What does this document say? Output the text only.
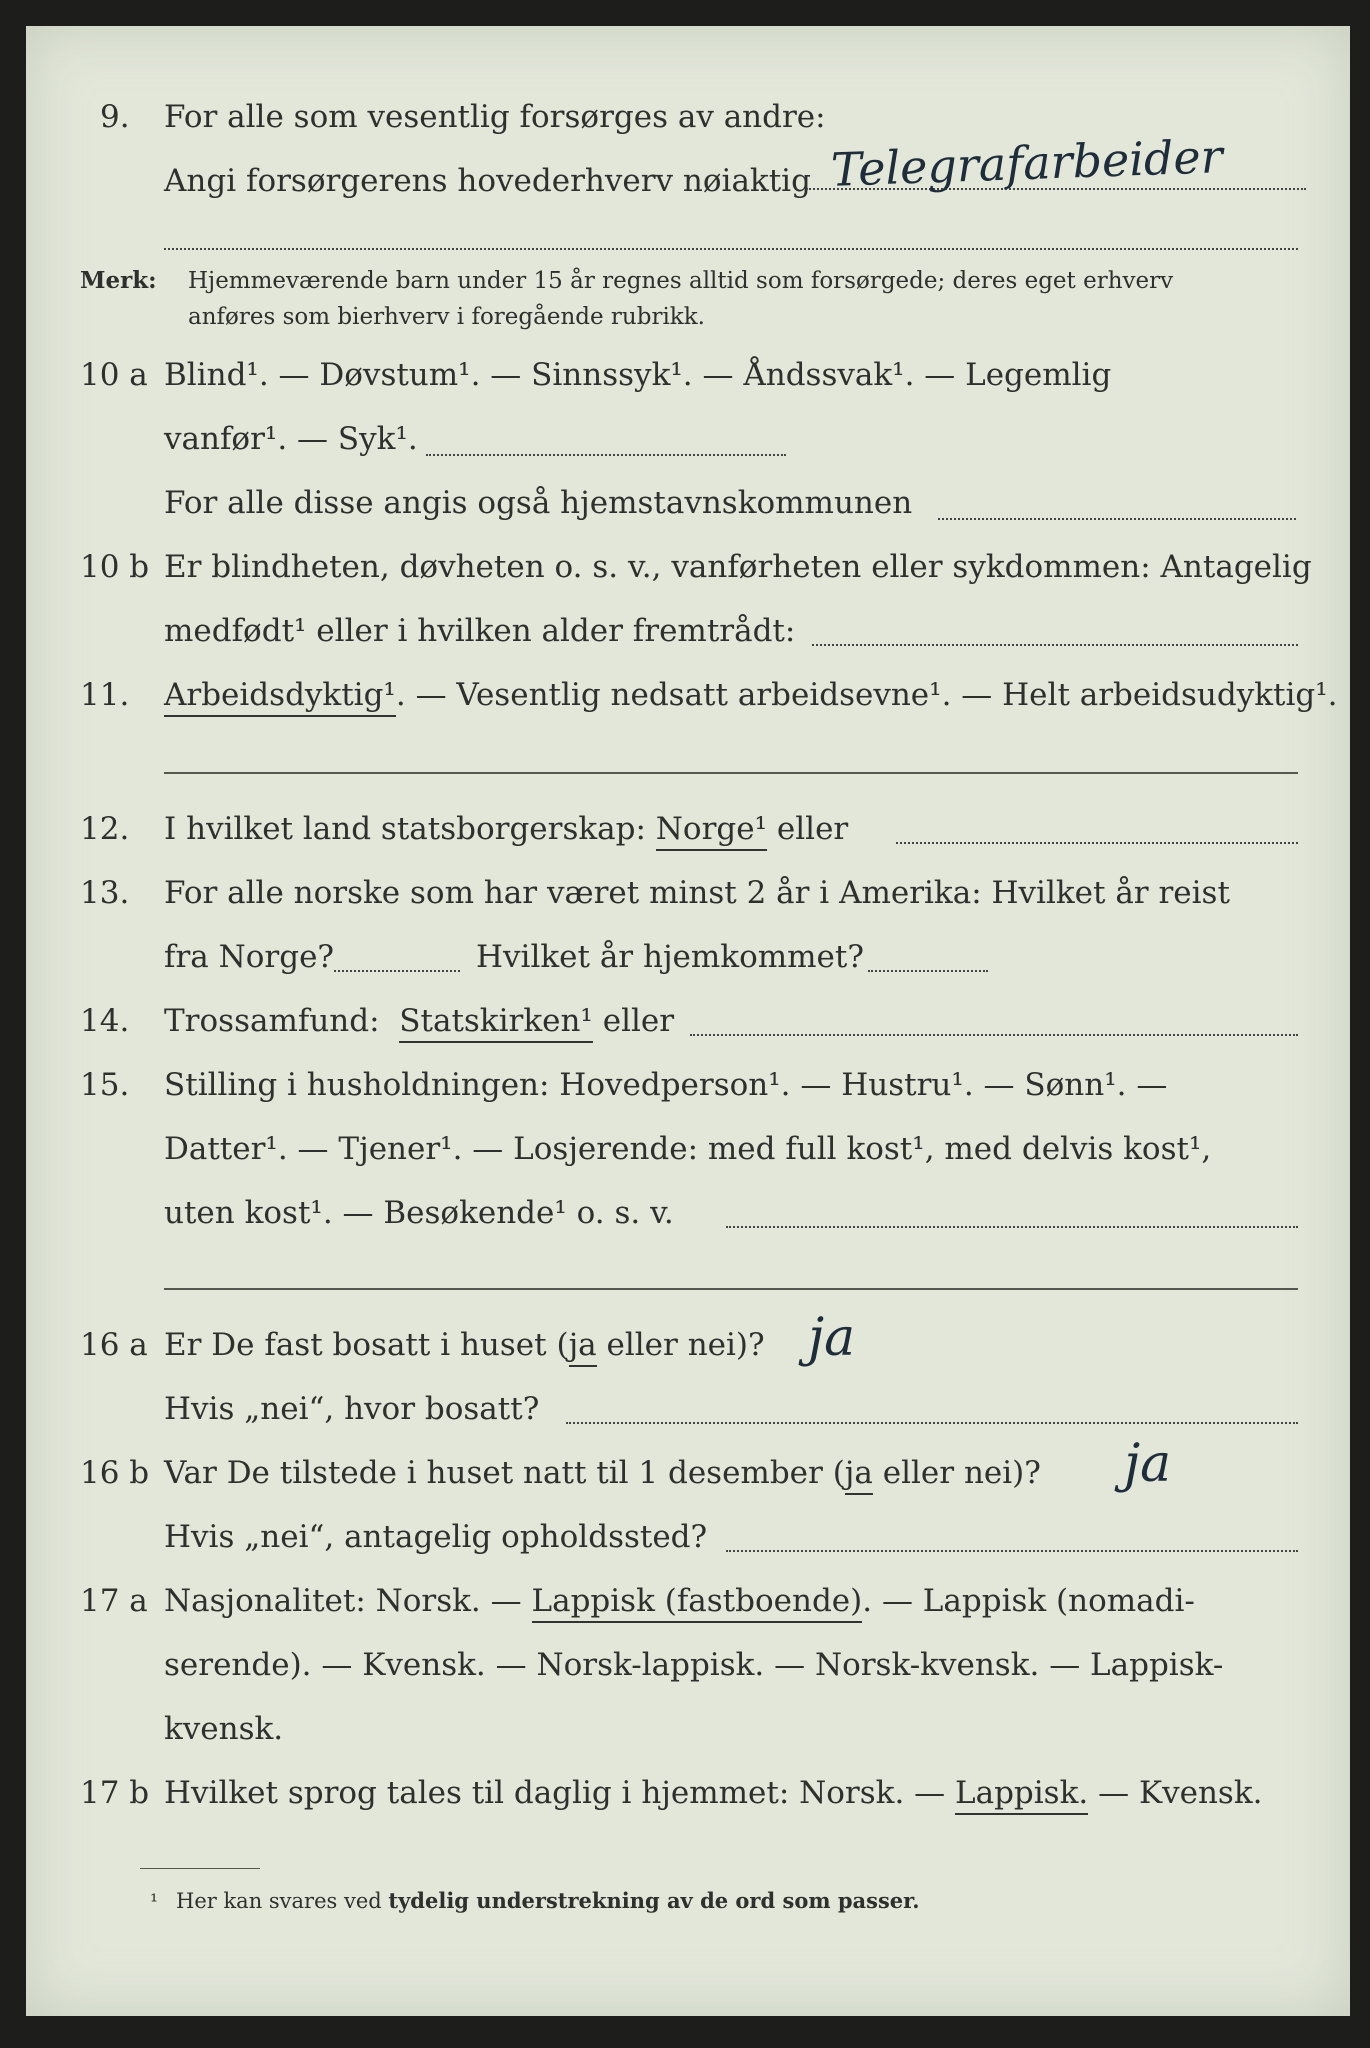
9. For alle som vesentlig forsørges av andre:
Angi forsørgerens hovederhverv nøiaktig Telegrafarbeider
Merk: Hjemmeværende barn under 15 år regnes alltid som forsørgede; deres eget erhverv
anføres som bierhverv i foregående rubrikk.
10 a Blind¹. — Døvstum¹. — Sinnssyk¹. — Åndssvak¹. — Legemlig
vanfør¹. — Syk¹.
For alle disse angis også hjemstavnskommunen
10 b Er blindheten, døvheten o. s. v., vanførheten eller sykdommen: Antagelig
medfødt¹ eller i hvilken alder fremtrådt:
11. Arbeidsdyktig¹. — Vesentlig nedsatt arbeidsevne¹. — Helt arbeidsudyktig¹.
12. I hvilket land statsborgerskap: Norge¹ eller
13. For alle norske som har været minst 2 år i Amerika: Hvilket år reist
fra Norge?	Hvilket år hjemkommet?
14. Trossamfund: Statskirken¹ eller
15. Stilling i husholdningen: Hovedperson¹. — Hustru¹. — Sønn¹. —
Datter¹. — Tjener¹. — Losjerende: med full kost¹, med delvis kost¹,
uten kost¹. — Besøkende¹ o. s. v.
16 a Er De fast bosatt i huset (ja eller nei)? ja
Hvis „nei“, hvor bosatt?
16 b Var De tilstede i huset natt til 1 desember (ja eller nei)? ja
Hvis „nei“, antagelig opholdssted?
17 a Nasjonalitet: Norsk. — Lappisk (fastboende). — Lappisk (nomadi-
serende). — Kvensk. — Norsk-lappisk. — Norsk-kvensk. — Lappisk-
kvensk.
17 b Hvilket sprog tales til daglig i hjemmet: Norsk. — Lappisk. — Kvensk.
¹ Her kan svares ved tydelig understrekning av de ord som passer.
